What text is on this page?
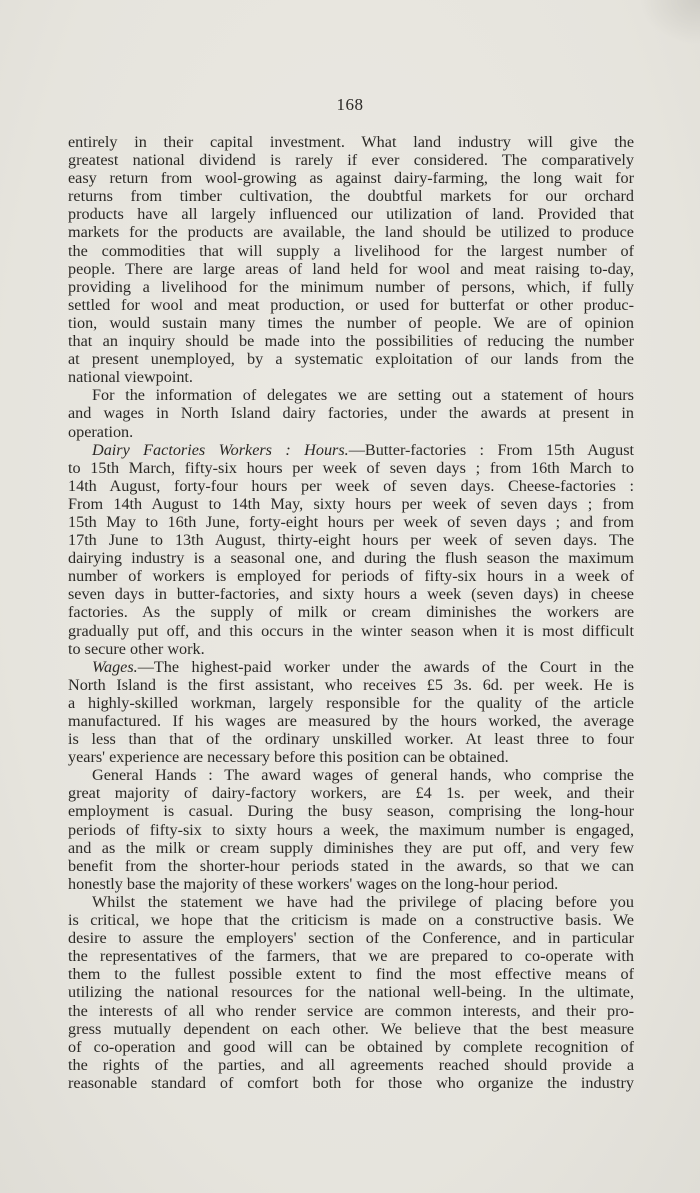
168
entirely in their capital investment. What land industry will give the
greatest national dividend is rarely if ever considered. The comparatively
easy return from wool-growing as against dairy-farming, the long wait for
returns from timber cultivation, the doubtful markets for our orchard
products have all largely influenced our utilization of land. Provided that
markets for the products are available, the land should be utilized to produce
the commodities that will supply a livelihood for the largest number of
people. There are large areas of land held for wool and meat raising to-day,
providing a livelihood for the minimum number of persons, which, if fully
settled for wool and meat production, or used for butterfat or other produc-
tion, would sustain many times the number of people. We are of opinion
that an inquiry should be made into the possibilities of reducing the number
at present unemployed, by a systematic exploitation of our lands from the
national viewpoint.
For the information of delegates we are setting out a statement of hours
and wages in North Island dairy factories, under the awards at present in
operation.
Dairy Factories Workers : Hours.—Butter-factories : From 15th August
to 15th March, fifty-six hours per week of seven days ; from 16th March to
14th August, forty-four hours per week of seven days. Cheese-factories :
From 14th August to 14th May, sixty hours per week of seven days ; from
15th May to 16th June, forty-eight hours per week of seven days ; and from
17th June to 13th August, thirty-eight hours per week of seven days. The
dairying industry is a seasonal one, and during the flush season the maximum
number of workers is employed for periods of fifty-six hours in a week of
seven days in butter-factories, and sixty hours a week (seven days) in cheese
factories. As the supply of milk or cream diminishes the workers are
gradually put off, and this occurs in the winter season when it is most difficult
to secure other work.
Wages.—The highest-paid worker under the awards of the Court in the
North Island is the first assistant, who receives £5 3s. 6d. per week. He is
a highly-skilled workman, largely responsible for the quality of the article
manufactured. If his wages are measured by the hours worked, the average
is less than that of the ordinary unskilled worker. At least three to four
years' experience are necessary before this position can be obtained.
General Hands : The award wages of general hands, who comprise the
great majority of dairy-factory workers, are £4 1s. per week, and their
employment is casual. During the busy season, comprising the long-hour
periods of fifty-six to sixty hours a week, the maximum number is engaged,
and as the milk or cream supply diminishes they are put off, and very few
benefit from the shorter-hour periods stated in the awards, so that we can
honestly base the majority of these workers' wages on the long-hour period.
Whilst the statement we have had the privilege of placing before you
is critical, we hope that the criticism is made on a constructive basis. We
desire to assure the employers' section of the Conference, and in particular
the representatives of the farmers, that we are prepared to co-operate with
them to the fullest possible extent to find the most effective means of
utilizing the national resources for the national well-being. In the ultimate,
the interests of all who render service are common interests, and their pro-
gress mutually dependent on each other. We believe that the best measure
of co-operation and good will can be obtained by complete recognition of
the rights of the parties, and all agreements reached should provide a
reasonable standard of comfort both for those who organize the industry
